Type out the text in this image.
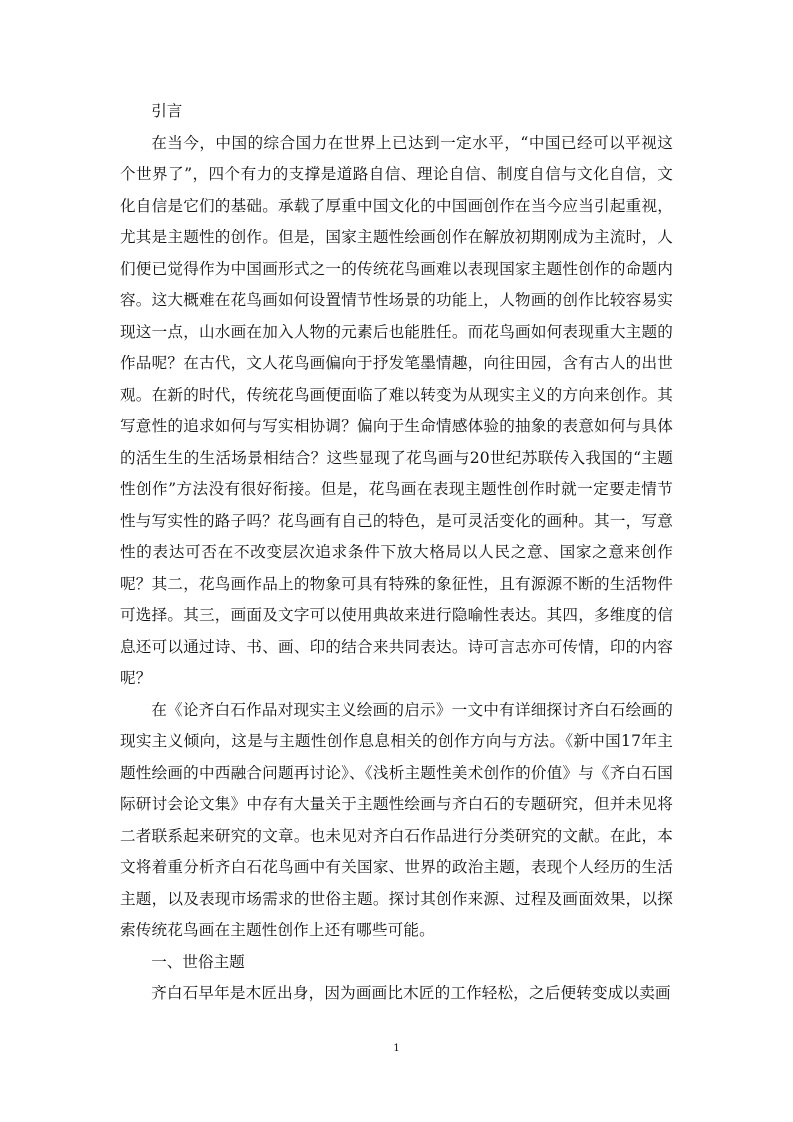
引言

在当今，中国的综合国力在世界上已达到一定水平，“中国已经可以平视这个世界了”，四个有力的支撑是道路自信、理论自信、制度自信与文化自信，文化自信是它们的基础。承载了厚重中国文化的中国画创作在当今应当引起重视，尤其是主题性的创作。但是，国家主题性绘画创作在解放初期刚成为主流时，人们便已觉得作为中国画形式之一的传统花鸟画难以表现国家主题性创作的命题内容。这大概难在花鸟画如何设置情节性场景的功能上，人物画的创作比较容易实现这一点，山水画在加入人物的元素后也能胜任。而花鸟画如何表现重大主题的作品呢？在古代，文人花鸟画偏向于抒发笔墨情趣，向往田园，含有古人的出世观。在新的时代，传统花鸟画便面临了难以转变为从现实主义的方向来创作。其写意性的追求如何与写实相协调？偏向于生命情感体验的抽象的表意如何与具体的活生生的生活场景相结合？这些显现了花鸟画与20世纪苏联传入我国的“主题性创作”方法没有很好衔接。但是，花鸟画在表现主题性创作时就一定要走情节性与写实性的路子吗？花鸟画有自己的特色，是可灵活变化的画种。其一，写意性的表达可否在不改变层次追求条件下放大格局以人民之意、国家之意来创作呢？其二，花鸟画作品上的物象可具有特殊的象征性，且有源源不断的生活物件可选择。其三，画面及文字可以使用典故来进行隐喻性表达。其四，多维度的信息还可以通过诗、书、画、印的结合来共同表达。诗可言志亦可传情，印的内容呢？

在《论齐白石作品对现实主义绘画的启示》一文中有详细探讨齐白石绘画的现实主义倾向，这是与主题性创作息息相关的创作方向与方法。《新中国17年主题性绘画的中西融合问题再讨论》、《浅析主题性美术创作的价值》与《齐白石国际研讨会论文集》中存有大量关于主题性绘画与齐白石的专题研究，但并未见将二者联系起来研究的文章。也未见对齐白石作品进行分类研究的文献。在此，本文将着重分析齐白石花鸟画中有关国家、世界的政治主题，表现个人经历的生活主题，以及表现市场需求的世俗主题。探讨其创作来源、过程及画面效果，以探索传统花鸟画在主题性创作上还有哪些可能。

一、世俗主题

齐白石早年是木匠出身，因为画画比木匠的工作轻松，之后便转变成以卖画

1
